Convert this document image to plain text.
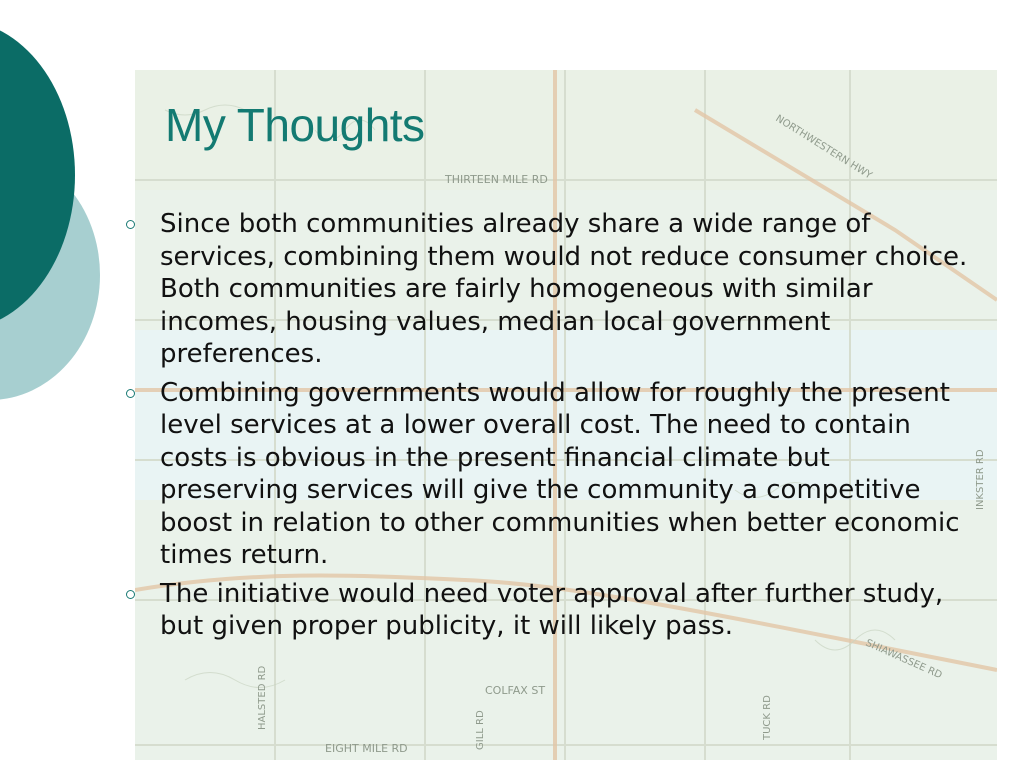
THIRTEEN MILE RD	NORTHWESTERN HWY
COLFAX ST
EIGHT MILE RD
HALSTED RD	TUCK RD
GILL RD
SHIAWASSEE RD
INKSTER RD
My Thoughts
Since both communities already share a wide range of services, combining them would not reduce consumer choice. Both communities are fairly homogeneous with similar incomes, housing values, median local government preferences.
Combining governments would allow for roughly the present level services at a lower overall cost. The need to contain costs is obvious in the present financial climate but preserving services will give the community a competitive boost in relation to other communities when better economic times return.
The initiative would need voter approval after further study, but given proper publicity, it will likely pass.
